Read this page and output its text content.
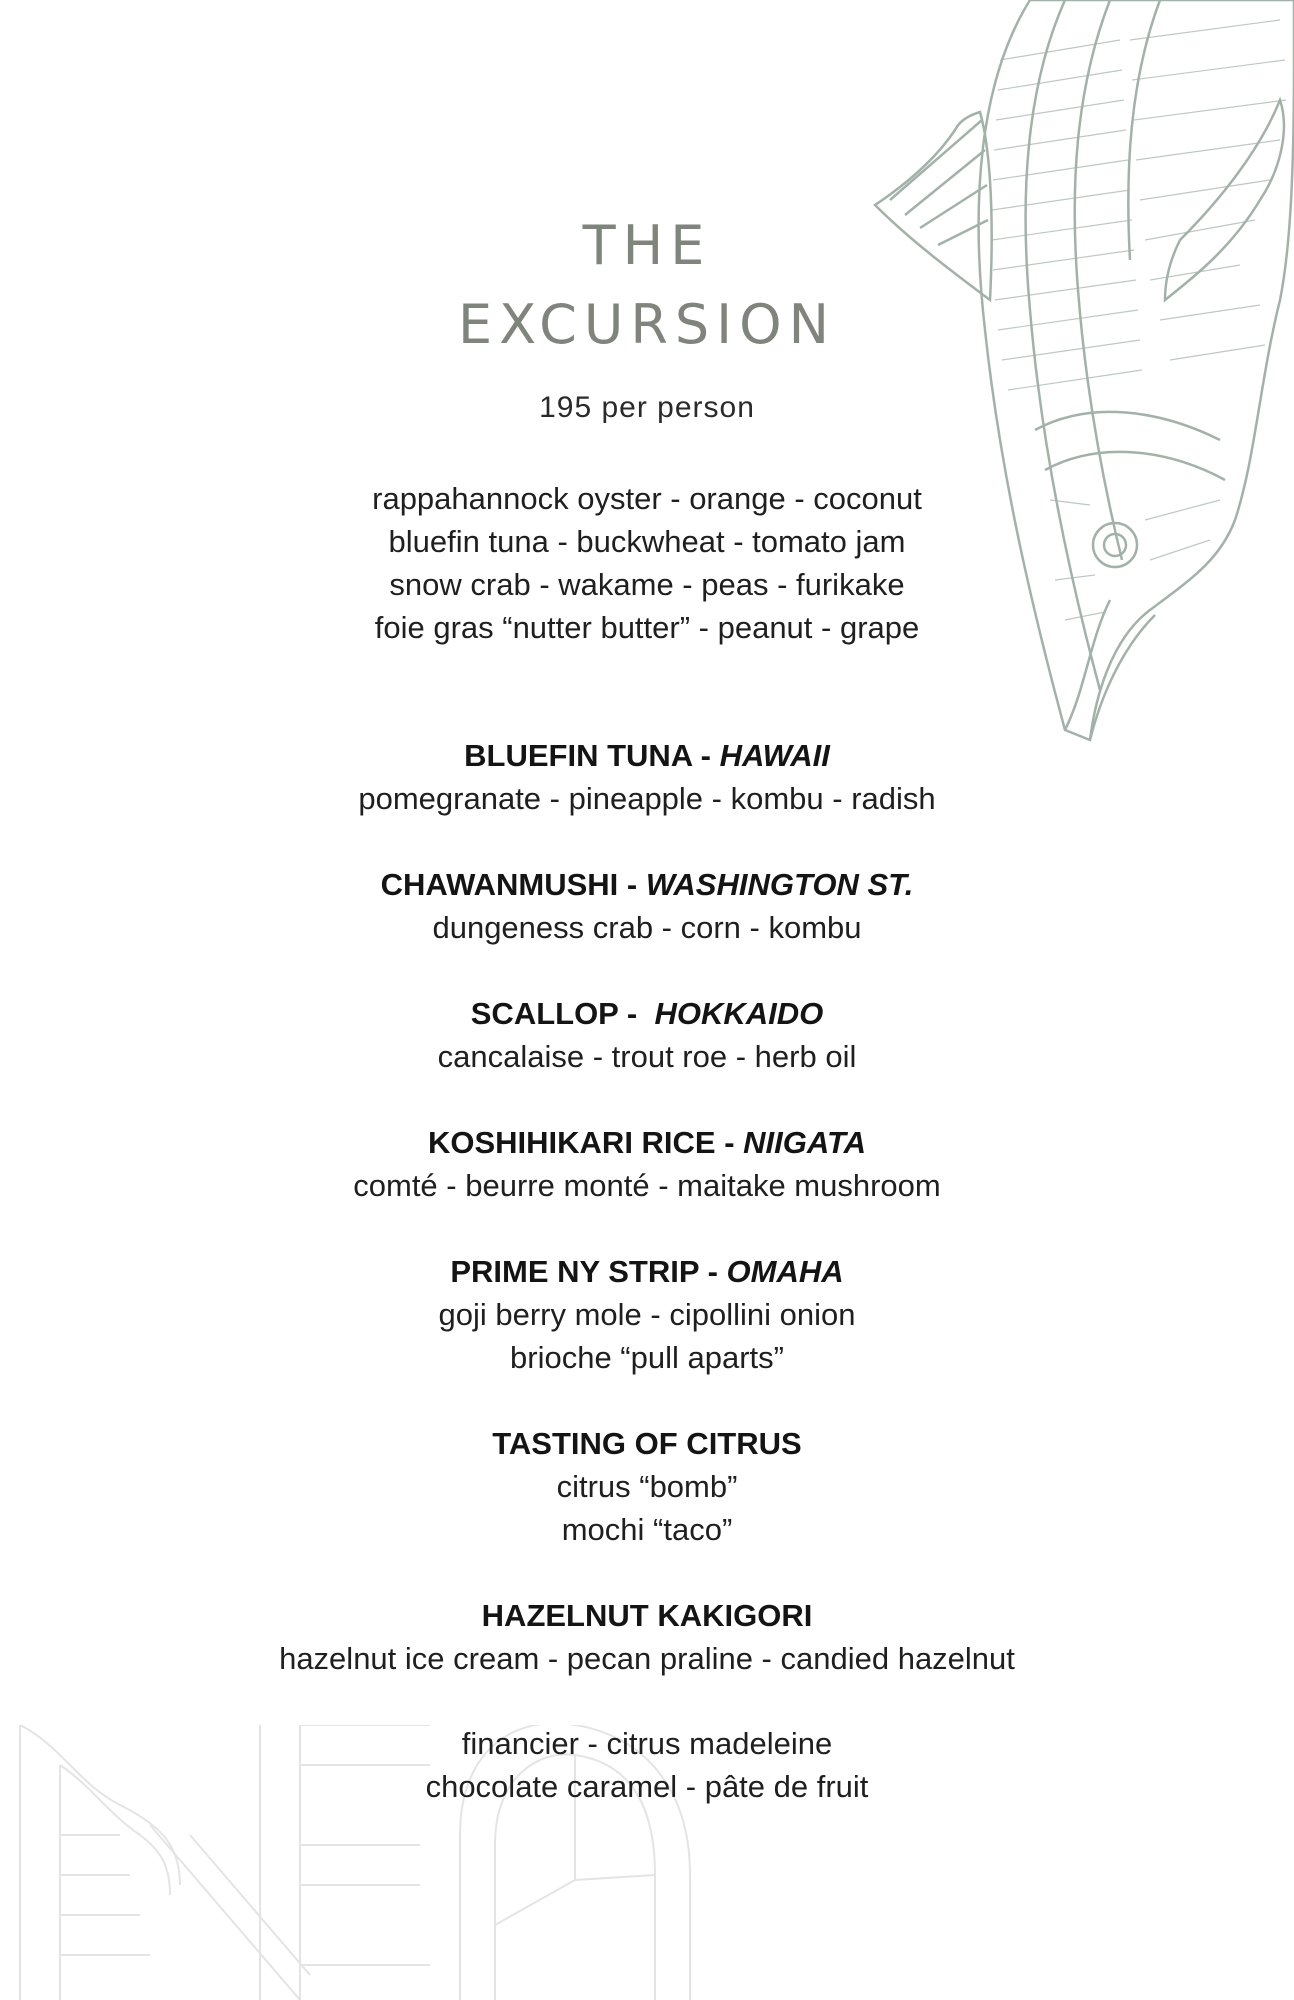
THE
EXCURSION
195 per person
rappahannock oyster - orange - coconut
bluefin tuna - buckwheat - tomato jam
snow crab - wakame - peas - furikake
foie gras “nutter butter” - peanut - grape
BLUEFIN TUNA - HAWAII
pomegranate - pineapple - kombu - radish
CHAWANMUSHI - WASHINGTON ST.
dungeness crab - corn - kombu
SCALLOP -  HOKKAIDO
cancalaise - trout roe - herb oil
KOSHIHIKARI RICE - NIIGATA
comté - beurre monté - maitake mushroom
PRIME NY STRIP - OMAHA
goji berry mole - cipollini onion
brioche “pull aparts”
TASTING OF CITRUS
citrus “bomb”
mochi “taco”
HAZELNUT KAKIGORI
hazelnut ice cream - pecan praline - candied hazelnut
financier - citrus madeleine
chocolate caramel - pâte de fruit
